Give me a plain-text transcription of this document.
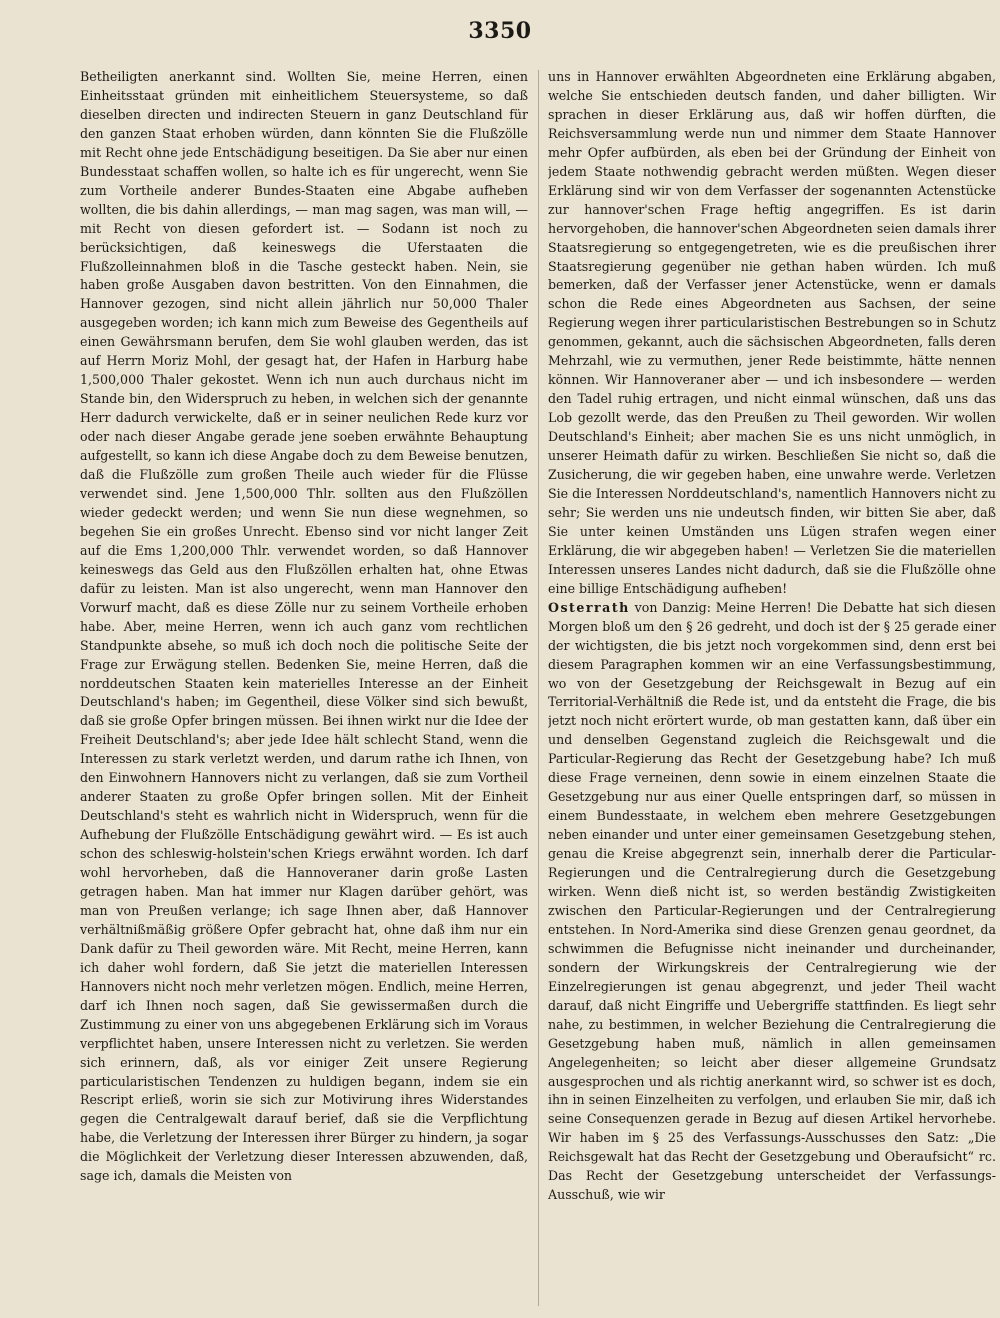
3350

Betheiligten anerkannt sind. Wollten Sie, meine Herren, einen Einheitsstaat gründen mit einheitlichem Steuersysteme, so daß dieselben directen und indirecten Steuern in ganz Deutschland für den ganzen Staat erhoben würden, dann könnten Sie die Flußzölle mit Recht ohne jede Entschädigung beseitigen. Da Sie aber nur einen Bundesstaat schaffen wollen, so halte ich es für ungerecht, wenn Sie zum Vortheile anderer Bundes-Staaten eine Abgabe aufheben wollten, die bis dahin allerdings, — man mag sagen, was man will, — mit Recht von diesen gefordert ist. — Sodann ist noch zu berücksichtigen, daß keineswegs die Uferstaaten die Flußzolleinnahmen bloß in die Tasche gesteckt haben. Nein, sie haben große Ausgaben davon bestritten. Von den Einnahmen, die Hannover gezogen, sind nicht allein jährlich nur 50,000 Thaler ausgegeben worden; ich kann mich zum Beweise des Gegentheils auf einen Gewährsmann berufen, dem Sie wohl glauben werden, das ist auf Herrn Moriz Mohl, der gesagt hat, der Hafen in Harburg habe 1,500,000 Thaler gekostet. Wenn ich nun auch durchaus nicht im Stande bin, den Widerspruch zu heben, in welchen sich der genannte Herr dadurch verwickelte, daß er in seiner neulichen Rede kurz vor oder nach dieser Angabe gerade jene soeben erwähnte Behauptung aufgestellt, so kann ich diese Angabe doch zu dem Beweise benutzen, daß die Flußzölle zum großen Theile auch wieder für die Flüsse verwendet sind. Jene 1,500,000 Thlr. sollten aus den Flußzöllen wieder gedeckt werden; und wenn Sie nun diese wegnehmen, so begehen Sie ein großes Unrecht. Ebenso sind vor nicht langer Zeit auf die Ems 1,200,000 Thlr. verwendet worden, so daß Hannover keineswegs das Geld aus den Flußzöllen erhalten hat, ohne Etwas dafür zu leisten. Man ist also ungerecht, wenn man Hannover den Vorwurf macht, daß es diese Zölle nur zu seinem Vortheile erhoben habe. Aber, meine Herren, wenn ich auch ganz vom rechtlichen Standpunkte absehe, so muß ich doch noch die politische Seite der Frage zur Erwägung stellen. Bedenken Sie, meine Herren, daß die norddeutschen Staaten kein materielles Interesse an der Einheit Deutschland's haben; im Gegentheil, diese Völker sind sich bewußt, daß sie große Opfer bringen müssen. Bei ihnen wirkt nur die Idee der Freiheit Deutschland's; aber jede Idee hält schlecht Stand, wenn die Interessen zu stark verletzt werden, und darum rathe ich Ihnen, von den Einwohnern Hannovers nicht zu verlangen, daß sie zum Vortheil anderer Staaten zu große Opfer bringen sollen. Mit der Einheit Deutschland's steht es wahrlich nicht in Widerspruch, wenn für die Aufhebung der Flußzölle Entschädigung gewährt wird. — Es ist auch schon des schleswig-holstein'schen Kriegs erwähnt worden. Ich darf wohl hervorheben, daß die Hannoveraner darin große Lasten getragen haben. Man hat immer nur Klagen darüber gehört, was man von Preußen verlange; ich sage Ihnen aber, daß Hannover verhältnißmäßig größere Opfer gebracht hat, ohne daß ihm nur ein Dank dafür zu Theil geworden wäre. Mit Recht, meine Herren, kann ich daher wohl fordern, daß Sie jetzt die materiellen Interessen Hannovers nicht noch mehr verletzen mögen. Endlich, meine Herren, darf ich Ihnen noch sagen, daß Sie gewissermaßen durch die Zustimmung zu einer von uns abgegebenen Erklärung sich im Voraus verpflichtet haben, unsere Interessen nicht zu verletzen. Sie werden sich erinnern, daß, als vor einiger Zeit unsere Regierung particularistischen Tendenzen zu huldigen begann, indem sie ein Rescript erließ, worin sie sich zur Motivirung ihres Widerstandes gegen die Centralgewalt darauf berief, daß sie die Verpflichtung habe, die Verletzung der Interessen ihrer Bürger zu hindern, ja sogar die Möglichkeit der Verletzung dieser Interessen abzuwenden, daß, sage ich, damals die Meisten von

uns in Hannover erwählten Abgeordneten eine Erklärung abgaben, welche Sie entschieden deutsch fanden, und daher billigten. Wir sprachen in dieser Erklärung aus, daß wir hoffen dürften, die Reichsversammlung werde nun und nimmer dem Staate Hannover mehr Opfer aufbürden, als eben bei der Gründung der Einheit von jedem Staate nothwendig gebracht werden müßten. Wegen dieser Erklärung sind wir von dem Verfasser der sogenannten Actenstücke zur hannover'schen Frage heftig angegriffen. Es ist darin hervorgehoben, die hannover'schen Abgeordneten seien damals ihrer Staatsregierung so entgegengetreten, wie es die preußischen ihrer Staatsregierung gegenüber nie gethan haben würden. Ich muß bemerken, daß der Verfasser jener Actenstücke, wenn er damals schon die Rede eines Abgeordneten aus Sachsen, der seine Regierung wegen ihrer particularistischen Bestrebungen so in Schutz genommen, gekannt, auch die sächsischen Abgeordneten, falls deren Mehrzahl, wie zu vermuthen, jener Rede beistimmte, hätte nennen können. Wir Hannoveraner aber — und ich insbesondere — werden den Tadel ruhig ertragen, und nicht einmal wünschen, daß uns das Lob gezollt werde, das den Preußen zu Theil geworden. Wir wollen Deutschland's Einheit; aber machen Sie es uns nicht unmöglich, in unserer Heimath dafür zu wirken. Beschließen Sie nicht so, daß die Zusicherung, die wir gegeben haben, eine unwahre werde. Verletzen Sie die Interessen Norddeutschland's, namentlich Hannovers nicht zu sehr; Sie werden uns nie undeutsch finden, wir bitten Sie aber, daß Sie unter keinen Umständen uns Lügen strafen wegen einer Erklärung, die wir abgegeben haben! — Verletzen Sie die materiellen Interessen unseres Landes nicht dadurch, daß sie die Flußzölle ohne eine billige Entschädigung aufheben!

Osterrath von Danzig: Meine Herren! Die Debatte hat sich diesen Morgen bloß um den § 26 gedreht, und doch ist der § 25 gerade einer der wichtigsten, die bis jetzt noch vorgekommen sind, denn erst bei diesem Paragraphen kommen wir an eine Verfassungsbestimmung, wo von der Gesetzgebung der Reichsgewalt in Bezug auf ein Territorial-Verhältniß die Rede ist, und da entsteht die Frage, die bis jetzt noch nicht erörtert wurde, ob man gestatten kann, daß über ein und denselben Gegenstand zugleich die Reichsgewalt und die Particular-Regierung das Recht der Gesetzgebung habe? Ich muß diese Frage verneinen, denn sowie in einem einzelnen Staate die Gesetzgebung nur aus einer Quelle entspringen darf, so müssen in einem Bundesstaate, in welchem eben mehrere Gesetzgebungen neben einander und unter einer gemeinsamen Gesetzgebung stehen, genau die Kreise abgegrenzt sein, innerhalb derer die Particular-Regierungen und die Centralregierung durch die Gesetzgebung wirken. Wenn dieß nicht ist, so werden beständig Zwistigkeiten zwischen den Particular-Regierungen und der Centralregierung entstehen. In Nord-Amerika sind diese Grenzen genau geordnet, da schwimmen die Befugnisse nicht ineinander und durcheinander, sondern der Wirkungskreis der Centralregierung wie der Einzelregierungen ist genau abgegrenzt, und jeder Theil wacht darauf, daß nicht Eingriffe und Uebergriffe stattfinden. Es liegt sehr nahe, zu bestimmen, in welcher Beziehung die Centralregierung die Gesetzgebung haben muß, nämlich in allen gemeinsamen Angelegenheiten; so leicht aber dieser allgemeine Grundsatz ausgesprochen und als richtig anerkannt wird, so schwer ist es doch, ihn in seinen Einzelheiten zu verfolgen, und erlauben Sie mir, daß ich seine Consequenzen gerade in Bezug auf diesen Artikel hervorhebe. Wir haben im § 25 des Verfassungs-Ausschusses den Satz: „Die Reichsgewalt hat das Recht der Gesetzgebung und Oberaufsicht“ rc. Das Recht der Gesetzgebung unterscheidet der Verfassungs-Ausschuß, wie wir
